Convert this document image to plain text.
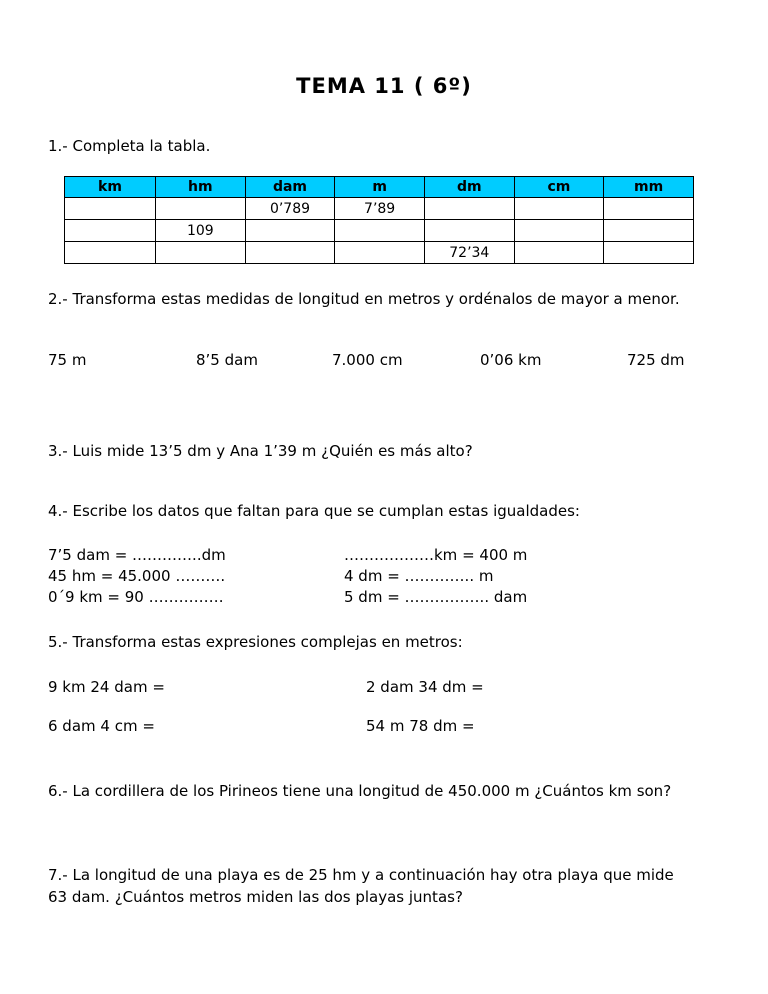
TEMA 11 ( 6º)
1.- Completa la tabla.
km	hm	dam	m	dm	cm	mm
		0’789	7’89			
	109					
				72’34		
2.- Transforma estas medidas de longitud en metros y ordénalos de mayor a menor.
75 m	8’5 dam	7.000 cm	0’06 km	725 dm
3.- Luis mide 13’5 dm y Ana 1’39 m ¿Quién es más alto?
4.- Escribe los datos que faltan para que se cumplan estas igualdades:
7’5 dam = …………..dm
45 hm = 45.000 ……….
0´9 km = 90 ……………
………………km = 400 m
4 dm = ………….. m
5 dm = …………….. dam
5.- Transforma estas expresiones complejas en metros:
9 km 24 dam =
6 dam 4 cm =
2 dam 34 dm =
54 m 78 dm =
6.- La cordillera de los Pirineos tiene una longitud de 450.000 m ¿Cuántos km son?
7.- La longitud de una playa es de 25 hm y a continuación hay otra playa que mide 63 dam. ¿Cuántos metros miden las dos playas juntas?
